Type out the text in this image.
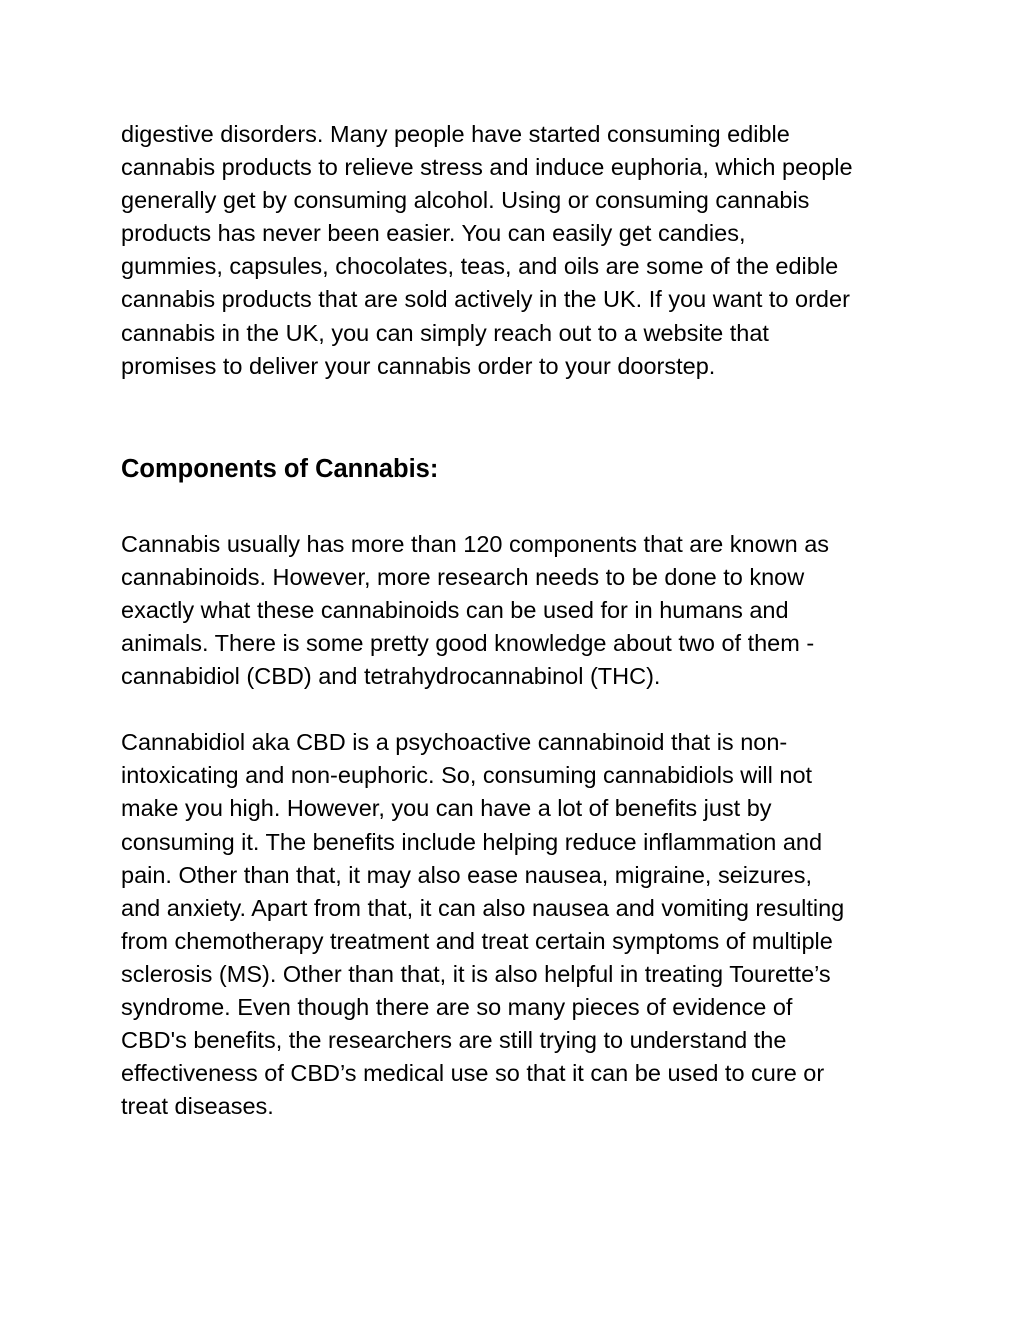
digestive disorders. Many people have started consuming edible
cannabis products to relieve stress and induce euphoria, which people
generally get by consuming alcohol. Using or consuming cannabis
products has never been easier. You can easily get candies,
gummies, capsules, chocolates, teas, and oils are some of the edible
cannabis products that are sold actively in the UK. If you want to order
cannabis in the UK, you can simply reach out to a website that
promises to deliver your cannabis order to your doorstep.
Components of Cannabis:
Cannabis usually has more than 120 components that are known as
cannabinoids. However, more research needs to be done to know
exactly what these cannabinoids can be used for in humans and
animals. There is some pretty good knowledge about two of them -
cannabidiol (CBD) and tetrahydrocannabinol (THC).
Cannabidiol aka CBD is a psychoactive cannabinoid that is non-
intoxicating and non-euphoric. So, consuming cannabidiols will not
make you high. However, you can have a lot of benefits just by
consuming it. The benefits include helping reduce inflammation and
pain. Other than that, it may also ease nausea, migraine, seizures,
and anxiety. Apart from that, it can also nausea and vomiting resulting
from chemotherapy treatment and treat certain symptoms of multiple
sclerosis (MS). Other than that, it is also helpful in treating Tourette’s
syndrome. Even though there are so many pieces of evidence of
CBD's benefits, the researchers are still trying to understand the
effectiveness of CBD’s medical use so that it can be used to cure or
treat diseases.
